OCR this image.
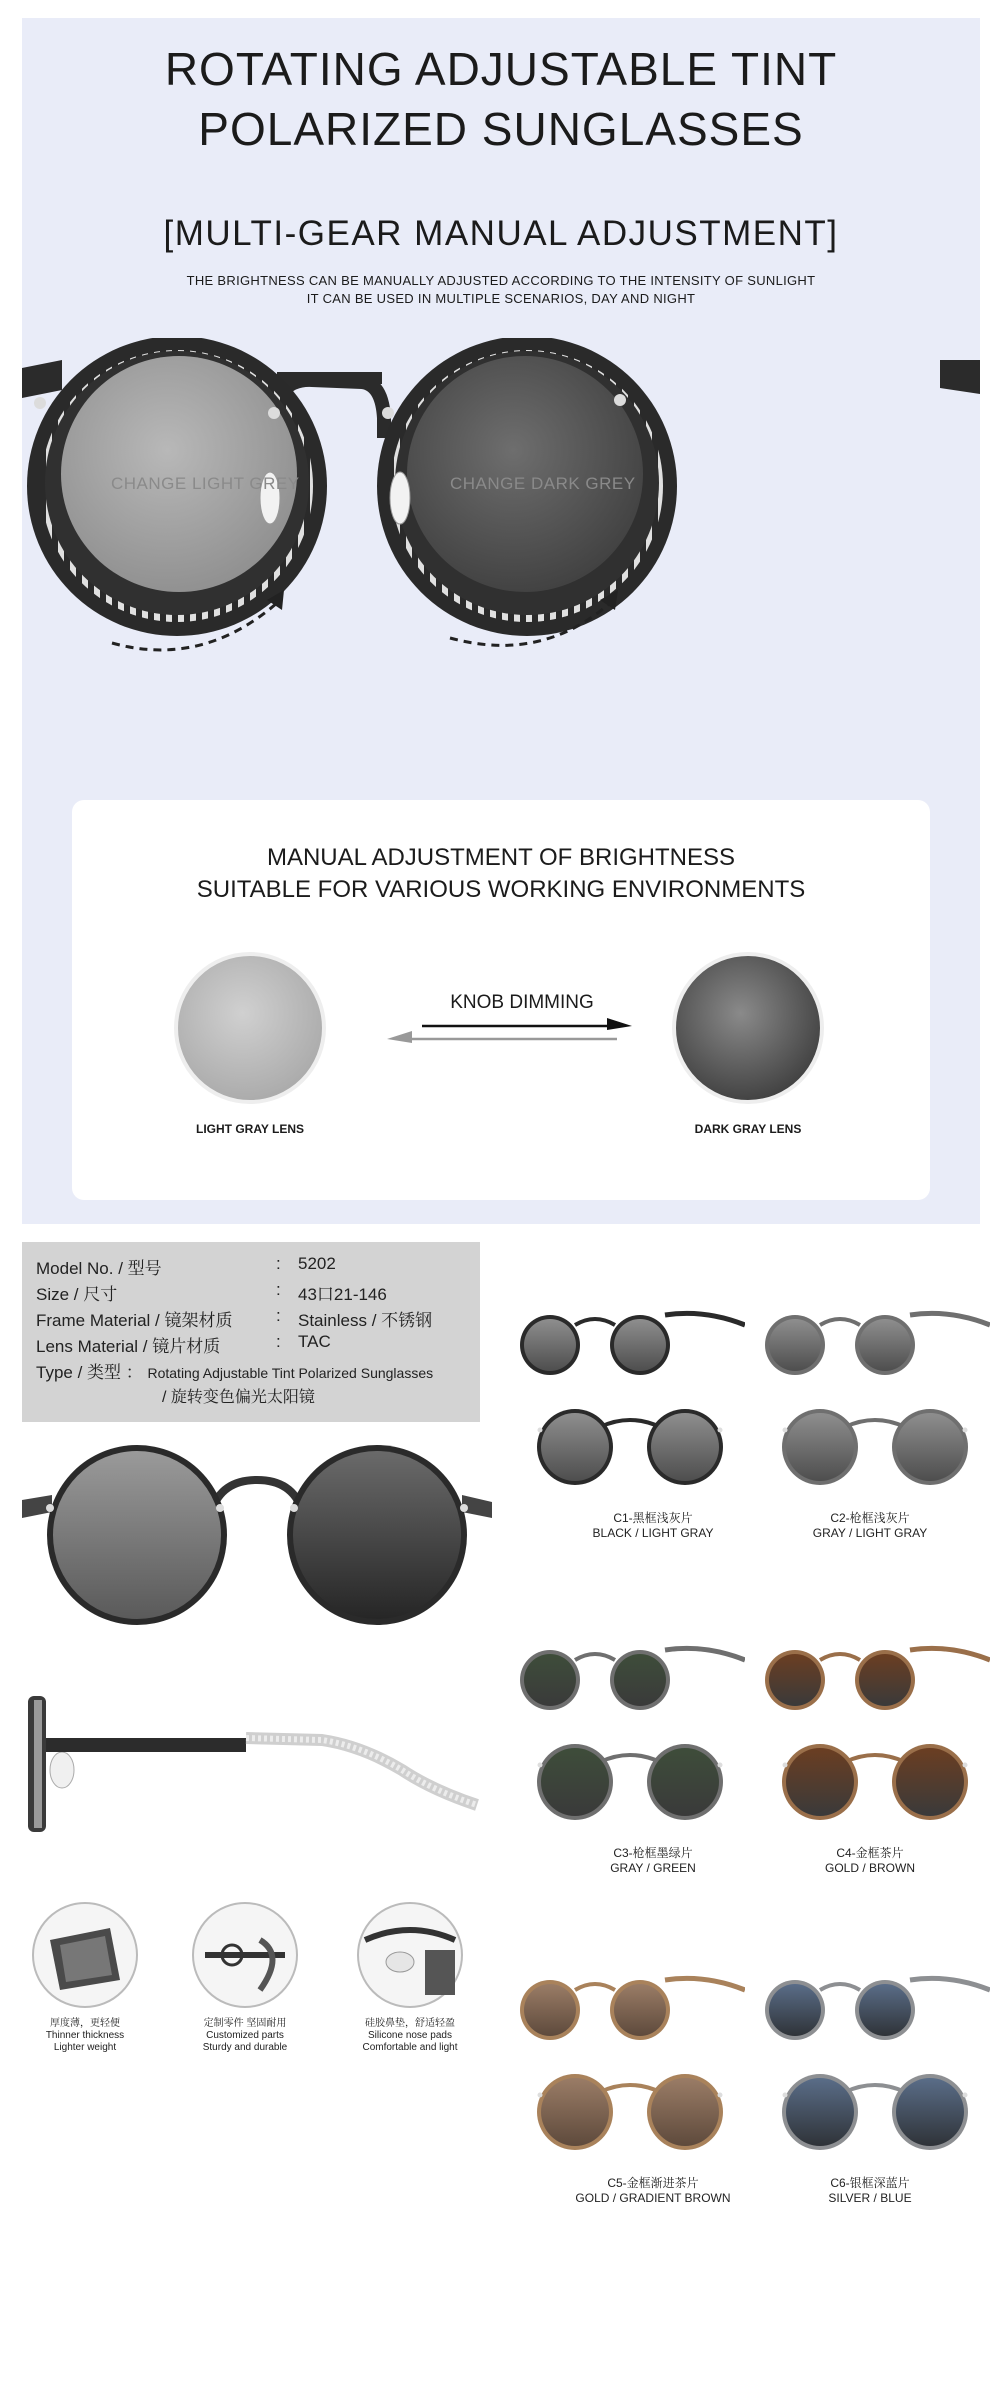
ROTATING ADJUSTABLE TINT
POLARIZED SUNGLASSES
[MULTI-GEAR MANUAL ADJUSTMENT]
THE BRIGHTNESS CAN BE MANUALLY ADJUSTED ACCORDING TO THE INTENSITY OF SUNLIGHT
IT CAN BE USED IN MULTIPLE SCENARIOS, DAY AND NIGHT
CHANGE LIGHT GREY	CHANGE DARK GREY
MANUAL ADJUSTMENT OF BRIGHTNESS
SUITABLE FOR VARIOUS WORKING ENVIRONMENTS
KNOB DIMMING
LIGHT GRAY LENS	DARK GRAY LENS
Model No. / 型号	: 5202
Size / 尺寸	: 43口21-146
Frame Material / 镜架材质	: Stainless / 不锈钢
Lens Material / 镜片材质	: TAC
Type / 类型 ： Rotating Adjustable Tint Polarized Sunglasses
/ 旋转变色偏光太阳镜
厚度薄，更轻便
Thinner thickness
Lighter weight
定制零件 坚固耐用
Customized parts
Sturdy and durable
硅胶鼻垫，舒适轻盈
Silicone nose pads
Comfortable and light
C1-黑框浅灰片
BLACK / LIGHT GRAY
C2-枪框浅灰片
GRAY / LIGHT GRAY
C3-枪框墨绿片
GRAY / GREEN
C4-金框茶片
GOLD / BROWN
C5-金框渐进茶片
GOLD / GRADIENT BROWN
C6-银框深蓝片
SILVER / BLUE
